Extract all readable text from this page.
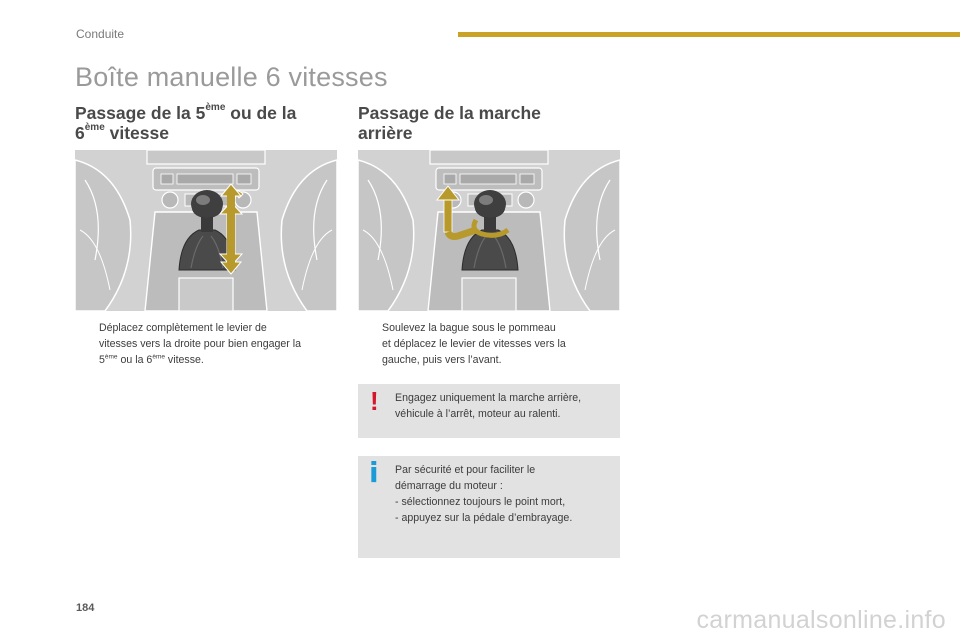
Conduite
Boîte manuelle 6 vitesses
Passage de la 5ème ou de la
6ème vitesse
Passage de la marche
arrière
Déplacez complètement le levier de
vitesses vers la droite pour bien engager la
5ème ou la 6ème vitesse.
Soulevez la bague sous le pommeau
et déplacez le levier de vitesses vers la
gauche, puis vers l’avant.
! Engagez uniquement la marche arrière,
véhicule à l’arrêt, moteur au ralenti.
i Par sécurité et pour faciliter le
démarrage du moteur :

- sélectionnez toujours le point mort,
- appuyez sur la pédale d’embrayage.
184	carmanualsonline.info
